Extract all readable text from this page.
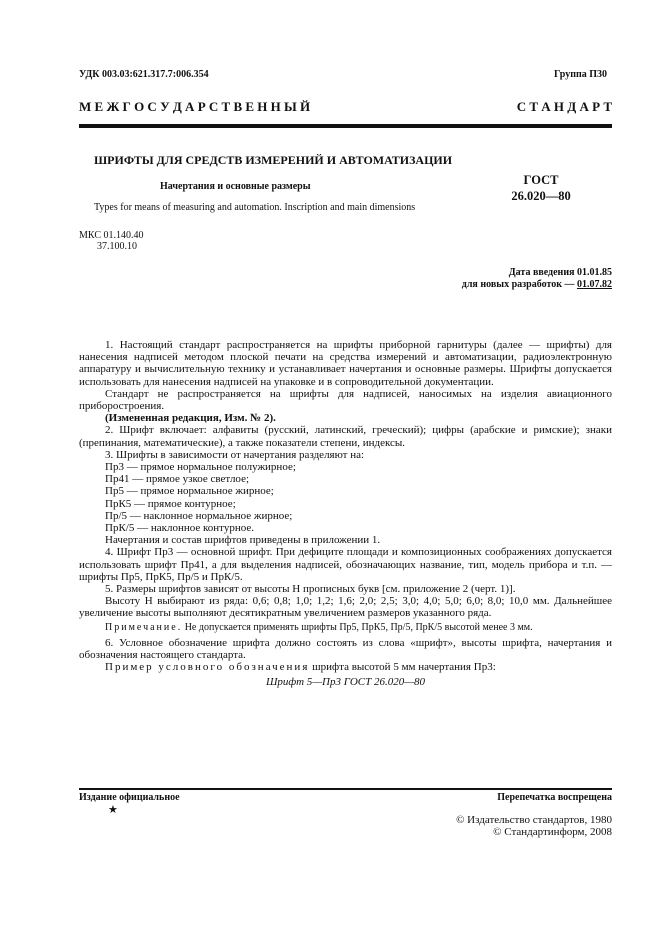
УДК 003.03:621.317.7:006.354	Группа П30
М Е Ж Г О С У Д А Р С Т В Е Н Н Ы Й	С Т А Н Д А Р Т
ШРИФТЫ ДЛЯ СРЕДСТВ ИЗМЕРЕНИЙ И АВТОМАТИЗАЦИИ
Начертания и основные размеры	ГОСТ
26.020—80
Types for means of measuring and automation. Inscription and main dimensions
МКС 01.140.40
37.100.10
Дата введения 01.01.85
для новых разработок — 01.07.82

1. Настоящий стандарт распространяется на шрифты приборной гарнитуры (далее — шрифты) для нанесения надписей методом плоской печати на средства измерений и автоматизации, радиоэлектронную аппаратуру и вычислительную технику и устанавливает начертания и основные размеры. Шрифты допускается использовать для нанесения надписей на упаковке и в сопроводительной документации.

Стандарт не распространяется на шрифты для надписей, наносимых на изделия авиационного приборостроения.

(Измененная редакция, Изм. № 2).

2. Шрифт включает: алфавиты (русский, латинский, греческий); цифры (арабские и римские); знаки (препинания, математические), а также показатели степени, индексы.

3. Шрифты в зависимости от начертания разделяют на:

Пр3 — прямое нормальное полужирное;

Пр41 — прямое узкое светлое;

Пр5 — прямое нормальное жирное;

ПрК5 — прямое контурное;

Пр/5 — наклонное нормальное жирное;

ПрК/5 — наклонное контурное.

Начертания и состав шрифтов приведены в приложении 1.

4. Шрифт Пр3 — основной шрифт. При дефиците площади и композиционных соображениях допускается использовать шрифт Пр41, а для выделения надписей, обозначающих название, тип, модель прибора и т.п. — шрифты Пр5, ПрК5, Пр/5 и ПрК/5.

5. Размеры шрифтов зависят от высоты H прописных букв [см. приложение 2 (черт. 1)].

Высоту H выбирают из ряда: 0,6; 0,8; 1,0; 1,2; 1,6; 2,0; 2,5; 3,0; 4,0; 5,0; 6,0; 8,0; 10,0 мм. Дальнейшее увеличение высоты выполняют десятикратным увеличением размеров указанного ряда.

Примечание. Не допускается применять шрифты Пр5, ПрК5, Пр/5, ПрК/5 высотой менее 3 мм.

6. Условное обозначение шрифта должно состоять из слова «шрифт», высоты шрифта, начертания и обозначения настоящего стандарта.

Пример условного обозначения шрифта высотой 5 мм начертания Пр3:

Шрифт 5—Пр3 ГОСТ 26.020—80

Издание официальное	Перепечатка воспрещена
★
© Издательство стандартов, 1980
© Стандартинформ, 2008
